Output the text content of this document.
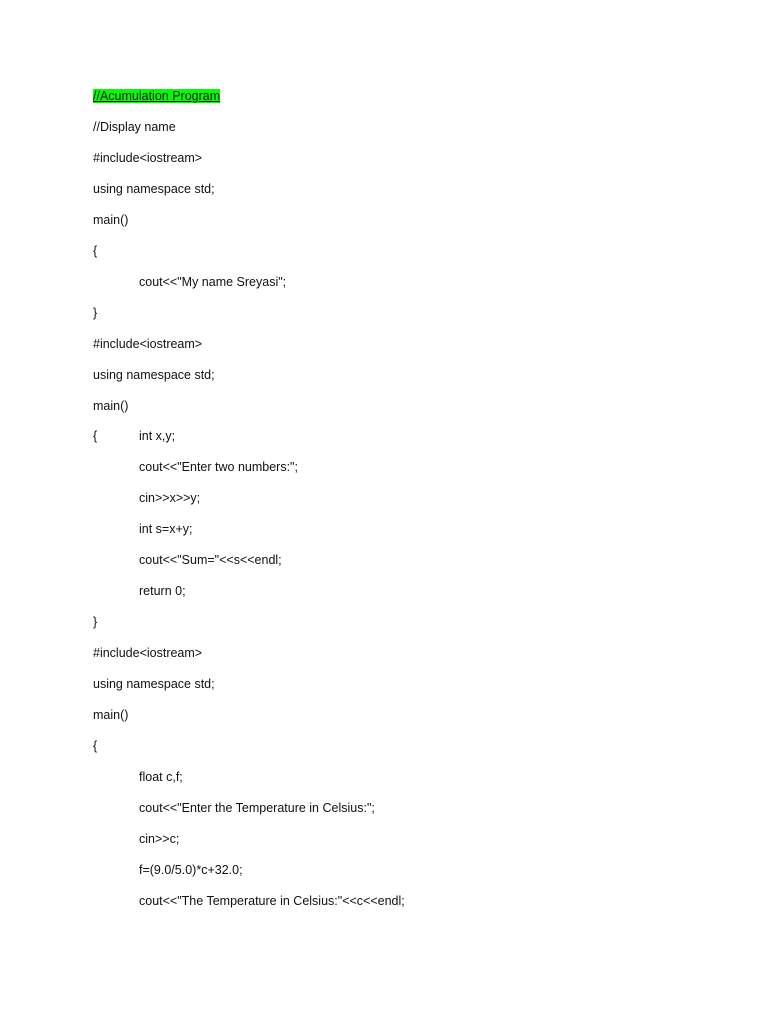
//Acumulation Program
//Display name
#include<iostream>
using namespace std;
main()
{
cout<<"My name Sreyasi";
}
#include<iostream>
using namespace std;
main()
{	int x,y;
cout<<"Enter two numbers:";
cin>>x>>y;
int s=x+y;
cout<<"Sum="<<s<<endl;
return 0;
}
#include<iostream>
using namespace std;
main()
{
float c,f;
cout<<"Enter the Temperature in Celsius:";
cin>>c;
f=(9.0/5.0)*c+32.0;
cout<<"The Temperature in Celsius:"<<c<<endl;
